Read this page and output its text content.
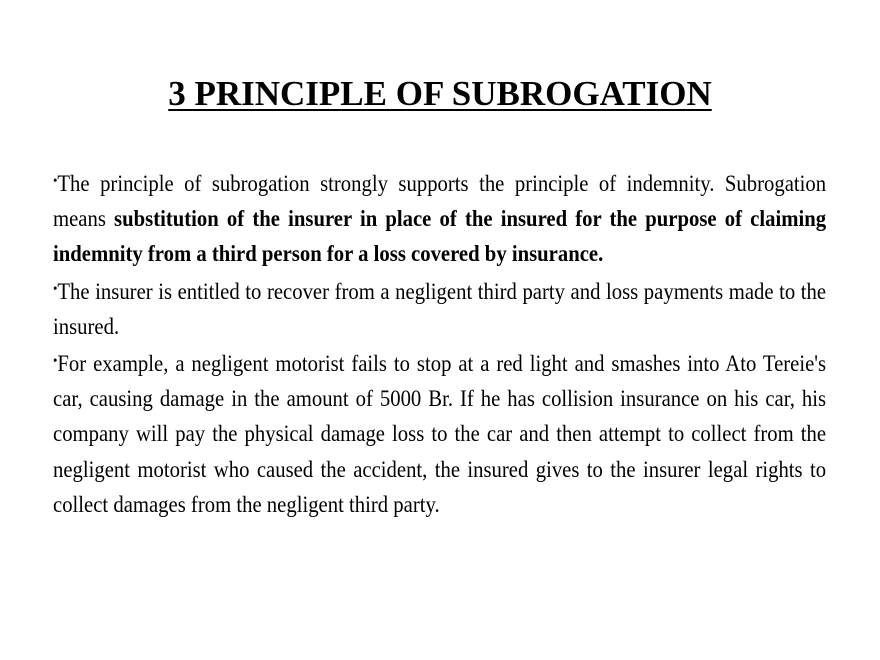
3 PRINCIPLE OF SUBROGATION

•The principle of subrogation strongly supports the principle of indemnity. Subrogation means substitution of the insurer in place of the insured for the purpose of claiming indemnity from a third person for a loss covered by insurance.

•The insurer is entitled to recover from a negligent third party and loss payments made to the insured.

•For example, a negligent motorist fails to stop at a red light and smashes into Ato Tereie's car, causing damage in the amount of 5000 Br. If he has collision insurance on his car, his company will pay the physical damage loss to the car and then attempt to collect from the negligent motorist who caused the accident, the insured gives to the insurer legal rights to collect damages from the negligent third party.
